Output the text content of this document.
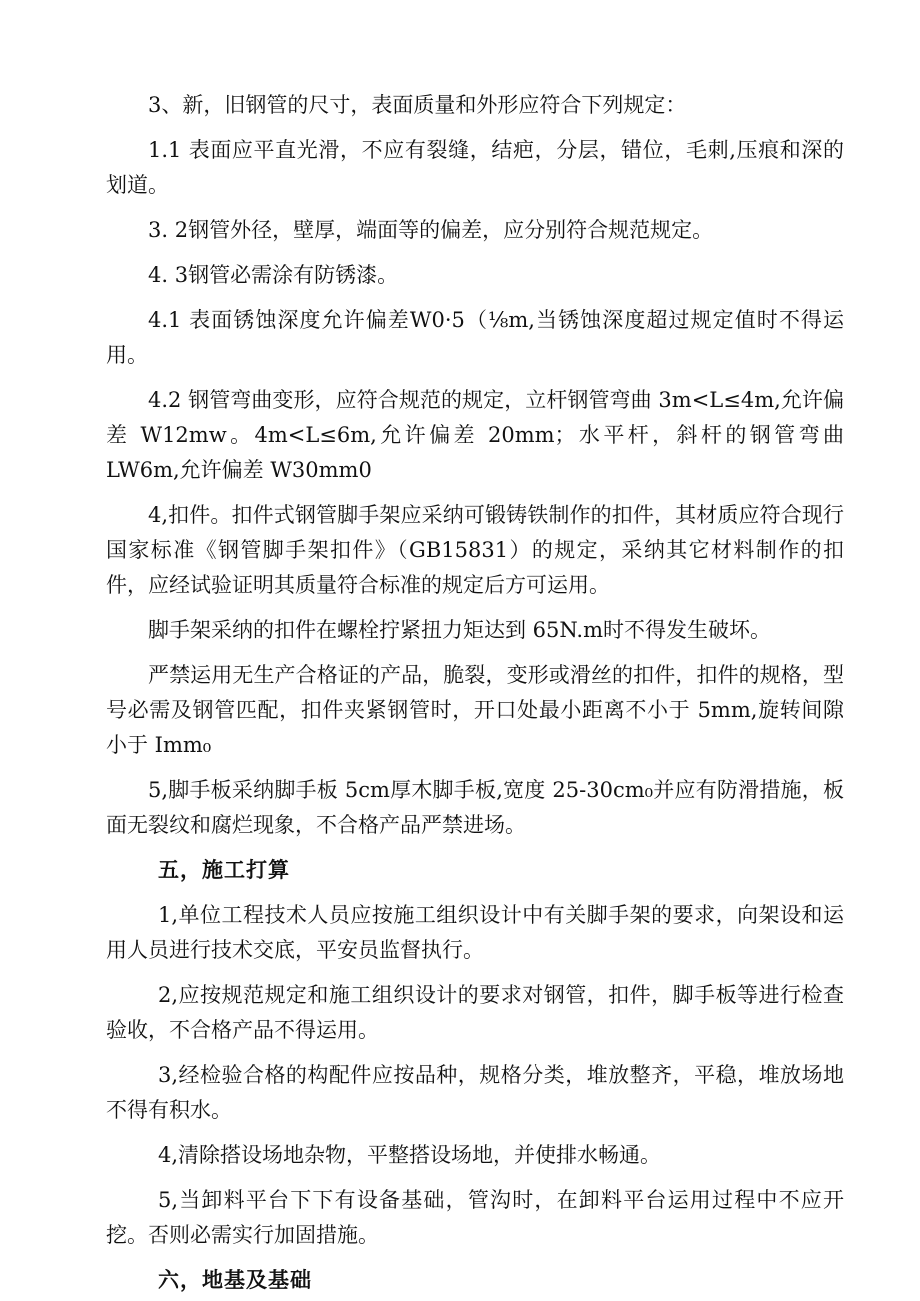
3、新，旧钢管的尺寸，表面质量和外形应符合下列规定：

1.1 表面应平直光滑，不应有裂缝，结疤，分层，错位，毛刺,压痕和深的划道。

3. 2钢管外径，壁厚，端面等的偏差，应分别符合规范规定。

4. 3钢管必需涂有防锈漆。

4.1 表面锈蚀深度允许偏差W0·5（⅛m,当锈蚀深度超过规定值时不得运用。

4.2 钢管弯曲变形，应符合规范的规定，立杆钢管弯曲 3m<L≤4m,允许偏差 W12mw。4m<L≤6m,允许偏差 20mm；水平杆，斜杆的钢管弯曲 LW6m,允许偏差 W30mm0

4,扣件。扣件式钢管脚手架应采纳可锻铸铁制作的扣件，其材质应符合现行国家标准《钢管脚手架扣件》（GB15831）的规定，采纳其它材料制作的扣件，应经试验证明其质量符合标准的规定后方可运用。

脚手架采纳的扣件在螺栓拧紧扭力矩达到 65N.m时不得发生破坏。

严禁运用无生产合格证的产品，脆裂，变形或滑丝的扣件，扣件的规格，型号必需及钢管匹配，扣件夹紧钢管时，开口处最小距离不小于 5mm,旋转间隙小于 Imm₀

5,脚手板采纳脚手板 5cm厚木脚手板,宽度 25-30cm₀并应有防滑措施，板面无裂纹和腐烂现象，不合格产品严禁进场。

五，施工打算

1,单位工程技术人员应按施工组织设计中有关脚手架的要求，向架设和运用人员进行技术交底，平安员监督执行。

2,应按规范规定和施工组织设计的要求对钢管，扣件，脚手板等进行检查验收，不合格产品不得运用。

3,经检验合格的构配件应按品种，规格分类，堆放整齐，平稳，堆放场地不得有积水。

4,清除搭设场地杂物，平整搭设场地，并使排水畅通。

5,当卸料平台下下有设备基础，管沟时，在卸料平台运用过程中不应开挖。否则必需实行加固措施。

六，地基及基础
